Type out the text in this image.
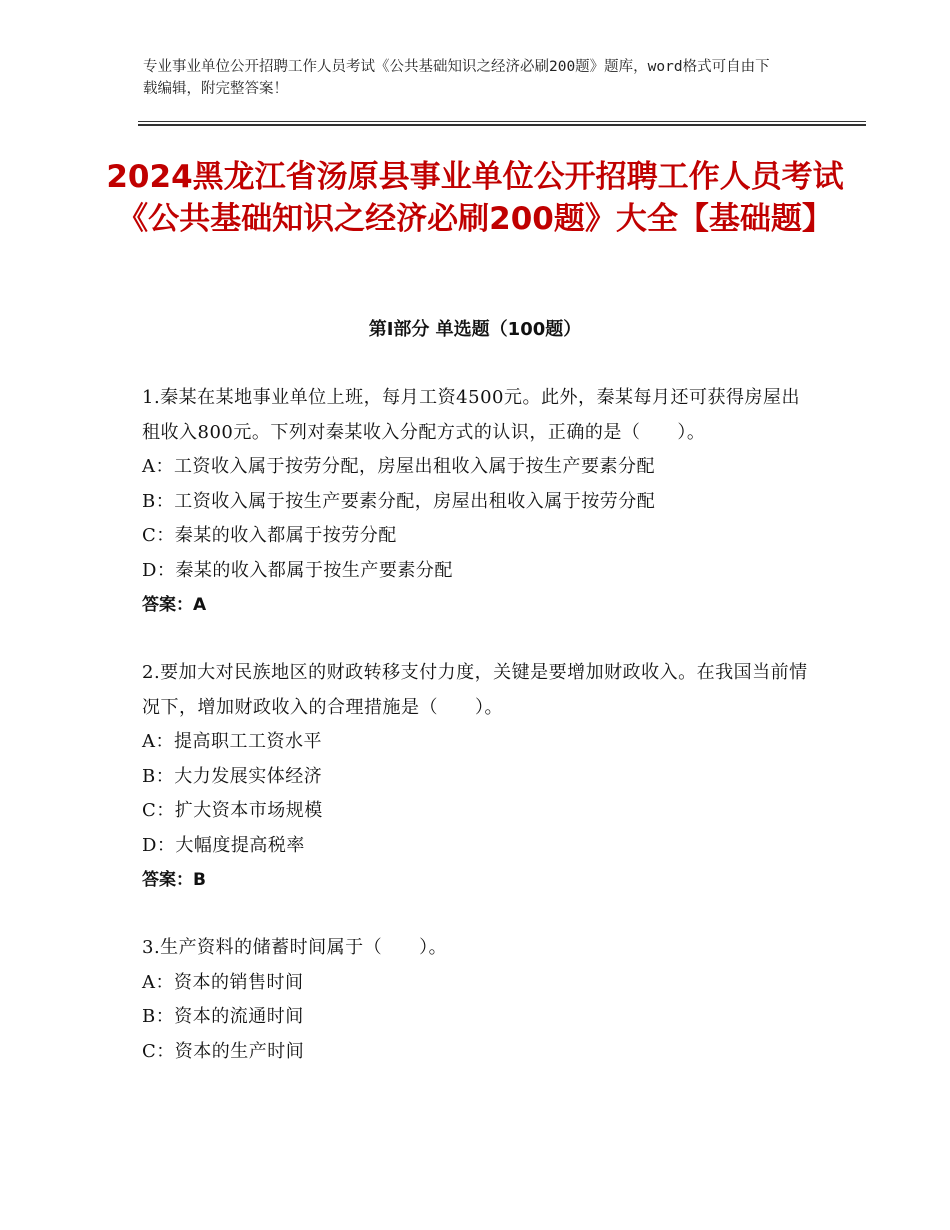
专业事业单位公开招聘工作人员考试《公共基础知识之经济必刷200题》题库，word格式可自由下载编辑，附完整答案！
2024黑龙江省汤原县事业单位公开招聘工作人员考试《公共基础知识之经济必刷200题》大全【基础题】
第Ⅰ部分 单选题（100题）

1.秦某在某地事业单位上班，每月工资4500元。此外，秦某每月还可获得房屋出租收入800元。下列对秦某收入分配方式的认识，正确的是（　　）。

A：工资收入属于按劳分配，房屋出租收入属于按生产要素分配

B：工资收入属于按生产要素分配，房屋出租收入属于按劳分配

C：秦某的收入都属于按劳分配

D：秦某的收入都属于按生产要素分配

答案：A

2.要加大对民族地区的财政转移支付力度，关键是要增加财政收入。在我国当前情况下，增加财政收入的合理措施是（　　）。

A：提高职工工资水平

B：大力发展实体经济

C：扩大资本市场规模

D：大幅度提高税率

答案：B

3.生产资料的储蓄时间属于（　　）。

A：资本的销售时间

B：资本的流通时间

C：资本的生产时间
